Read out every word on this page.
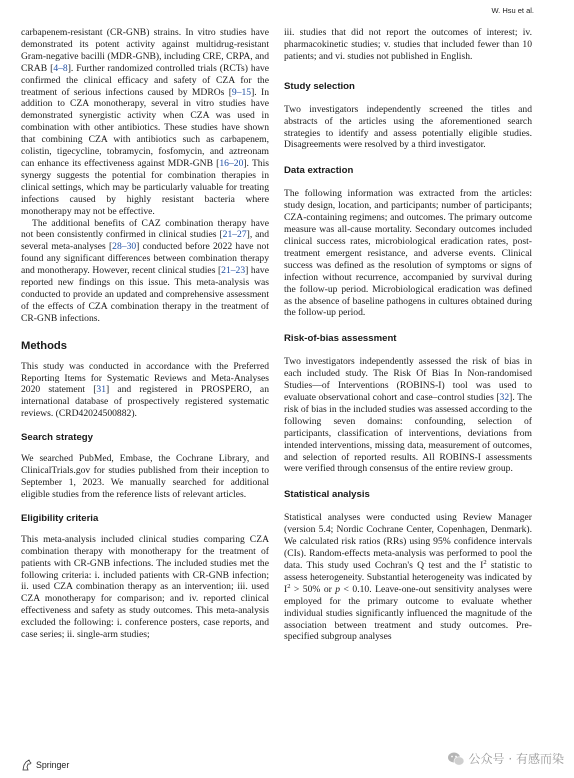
W. Hsu et al.

carbapenem-resistant (CR-GNB) strains. In vitro studies have demonstrated its potent activity against multidrug-resistant Gram-negative bacilli (MDR-GNB), including CRE, CRPA, and CRAB [4–8]. Further randomized controlled trials (RCTs) have confirmed the clinical efficacy and safety of CZA for the treatment of serious infections caused by MDROs [9–15]. In addition to CZA monotherapy, several in vitro studies have demonstrated synergistic activity when CZA was used in combination with other antibiotics. These studies have shown that combining CZA with antibiotics such as carbapenem, colistin, tigecycline, tobramycin, fosfomycin, and aztreonam can enhance its effectiveness against MDR-GNB [16–20]. This synergy suggests the potential for combination therapies in clinical settings, which may be particularly valuable for treating infections caused by highly resistant bacteria where monotherapy may not be effective.

The additional benefits of CAZ combination therapy have not been consistently confirmed in clinical studies [21–27], and several meta-analyses [28–30] conducted before 2022 have not found any significant differences between combination therapy and monotherapy. However, recent clinical studies [21–23] have reported new findings on this issue. This meta-analysis was conducted to provide an updated and comprehensive assessment of the effects of CZA combination therapy in the treatment of CR-GNB infections.

Methods

This study was conducted in accordance with the Preferred Reporting Items for Systematic Reviews and Meta-Analyses 2020 statement [31] and registered in PROSPERO, an international database of prospectively registered systematic reviews. (CRD42024500882).

Search strategy

We searched PubMed, Embase, the Cochrane Library, and ClinicalTrials.gov for studies published from their inception to September 1, 2023. We manually searched for additional eligible studies from the reference lists of relevant articles.

Eligibility criteria

This meta-analysis included clinical studies comparing CZA combination therapy with monotherapy for the treatment of patients with CR-GNB infections. The included studies met the following criteria: i. included patients with CR-GNB infection; ii. used CZA combination therapy as an intervention; iii. used CZA monotherapy for comparison; and iv. reported clinical effectiveness and safety as study outcomes. This meta-analysis excluded the following: i. conference posters, case reports, and case series; ii. single-arm studies;

iii. studies that did not report the outcomes of interest; iv. pharmacokinetic studies; v. studies that included fewer than 10 patients; and vi. studies not published in English.

Study selection

Two investigators independently screened the titles and abstracts of the articles using the aforementioned search strategies to identify and assess potentially eligible studies. Disagreements were resolved by a third investigator.

Data extraction

The following information was extracted from the articles: study design, location, and participants; number of participants; CZA-containing regimens; and outcomes. The primary outcome measure was all-cause mortality. Secondary outcomes included clinical success rates, microbiological eradication rates, post-treatment emergent resistance, and adverse events. Clinical success was defined as the resolution of symptoms or signs of infection without recurrence, accompanied by survival during the follow-up period. Microbiological eradication was defined as the absence of baseline pathogens in cultures obtained during the follow-up period.

Risk-of-bias assessment

Two investigators independently assessed the risk of bias in each included study. The Risk Of Bias In Non-randomised Studies—of Interventions (ROBINS-I) tool was used to evaluate observational cohort and case–control studies [32]. The risk of bias in the included studies was assessed according to the following seven domains: confounding, selection of participants, classification of interventions, deviations from intended interventions, missing data, measurement of outcomes, and selection of reported results. All ROBINS-I assessments were verified through consensus of the entire review group.

Statistical analysis

Statistical analyses were conducted using Review Manager (version 5.4; Nordic Cochrane Center, Copenhagen, Denmark). We calculated risk ratios (RRs) using 95% confidence intervals (CIs). Random-effects meta-analysis was performed to pool the data. This study used Cochran's Q test and the $I^2$ statistic to assess heterogeneity. Substantial heterogeneity was indicated by $I^2 > 50\%$ or p < 0.10. Leave-one-out sensitivity analyses were employed for the primary outcome to evaluate whether individual studies significantly influenced the magnitude of the association between treatment and study outcomes. Pre-specified subgroup analyses

Springer	公众号 · 有感而染
